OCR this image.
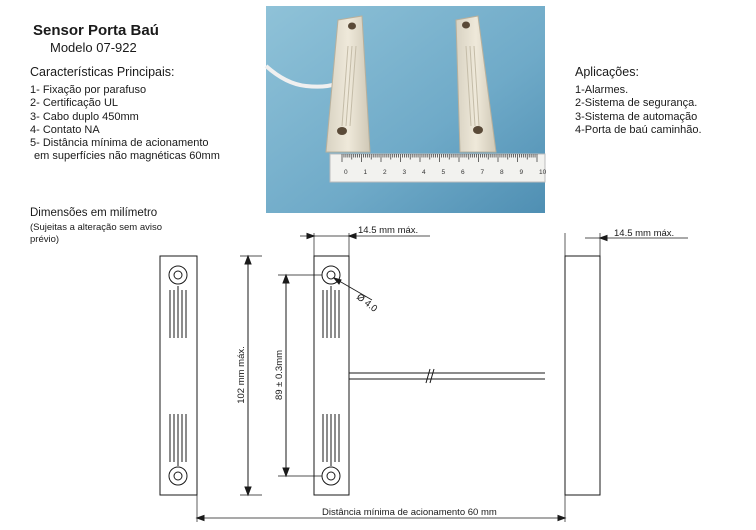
Sensor Porta Baú
Modelo 07-922
Características Principais:
1- Fixação por parafuso
2- Certificação UL
3- Cabo duplo 450mm
4- Contato NA
5- Distância mínima de acionamento
em superfícies não magnéticas 60mm
Aplicações:
1-Alarmes.
2-Sistema de segurança.
3-Sistema de automação
4-Porta de baú caminhão.
0 1 2 3 4 5 6 7 8 9 10
Dimensões em milímetro
(Sujeitas a alteração sem aviso prévio)
14.5 mm máx.	14.5 mm máx.
102 mm máx.	89 ± 0.3mm
Ø 4.0
Distância mínima de acionamento 60 mm
